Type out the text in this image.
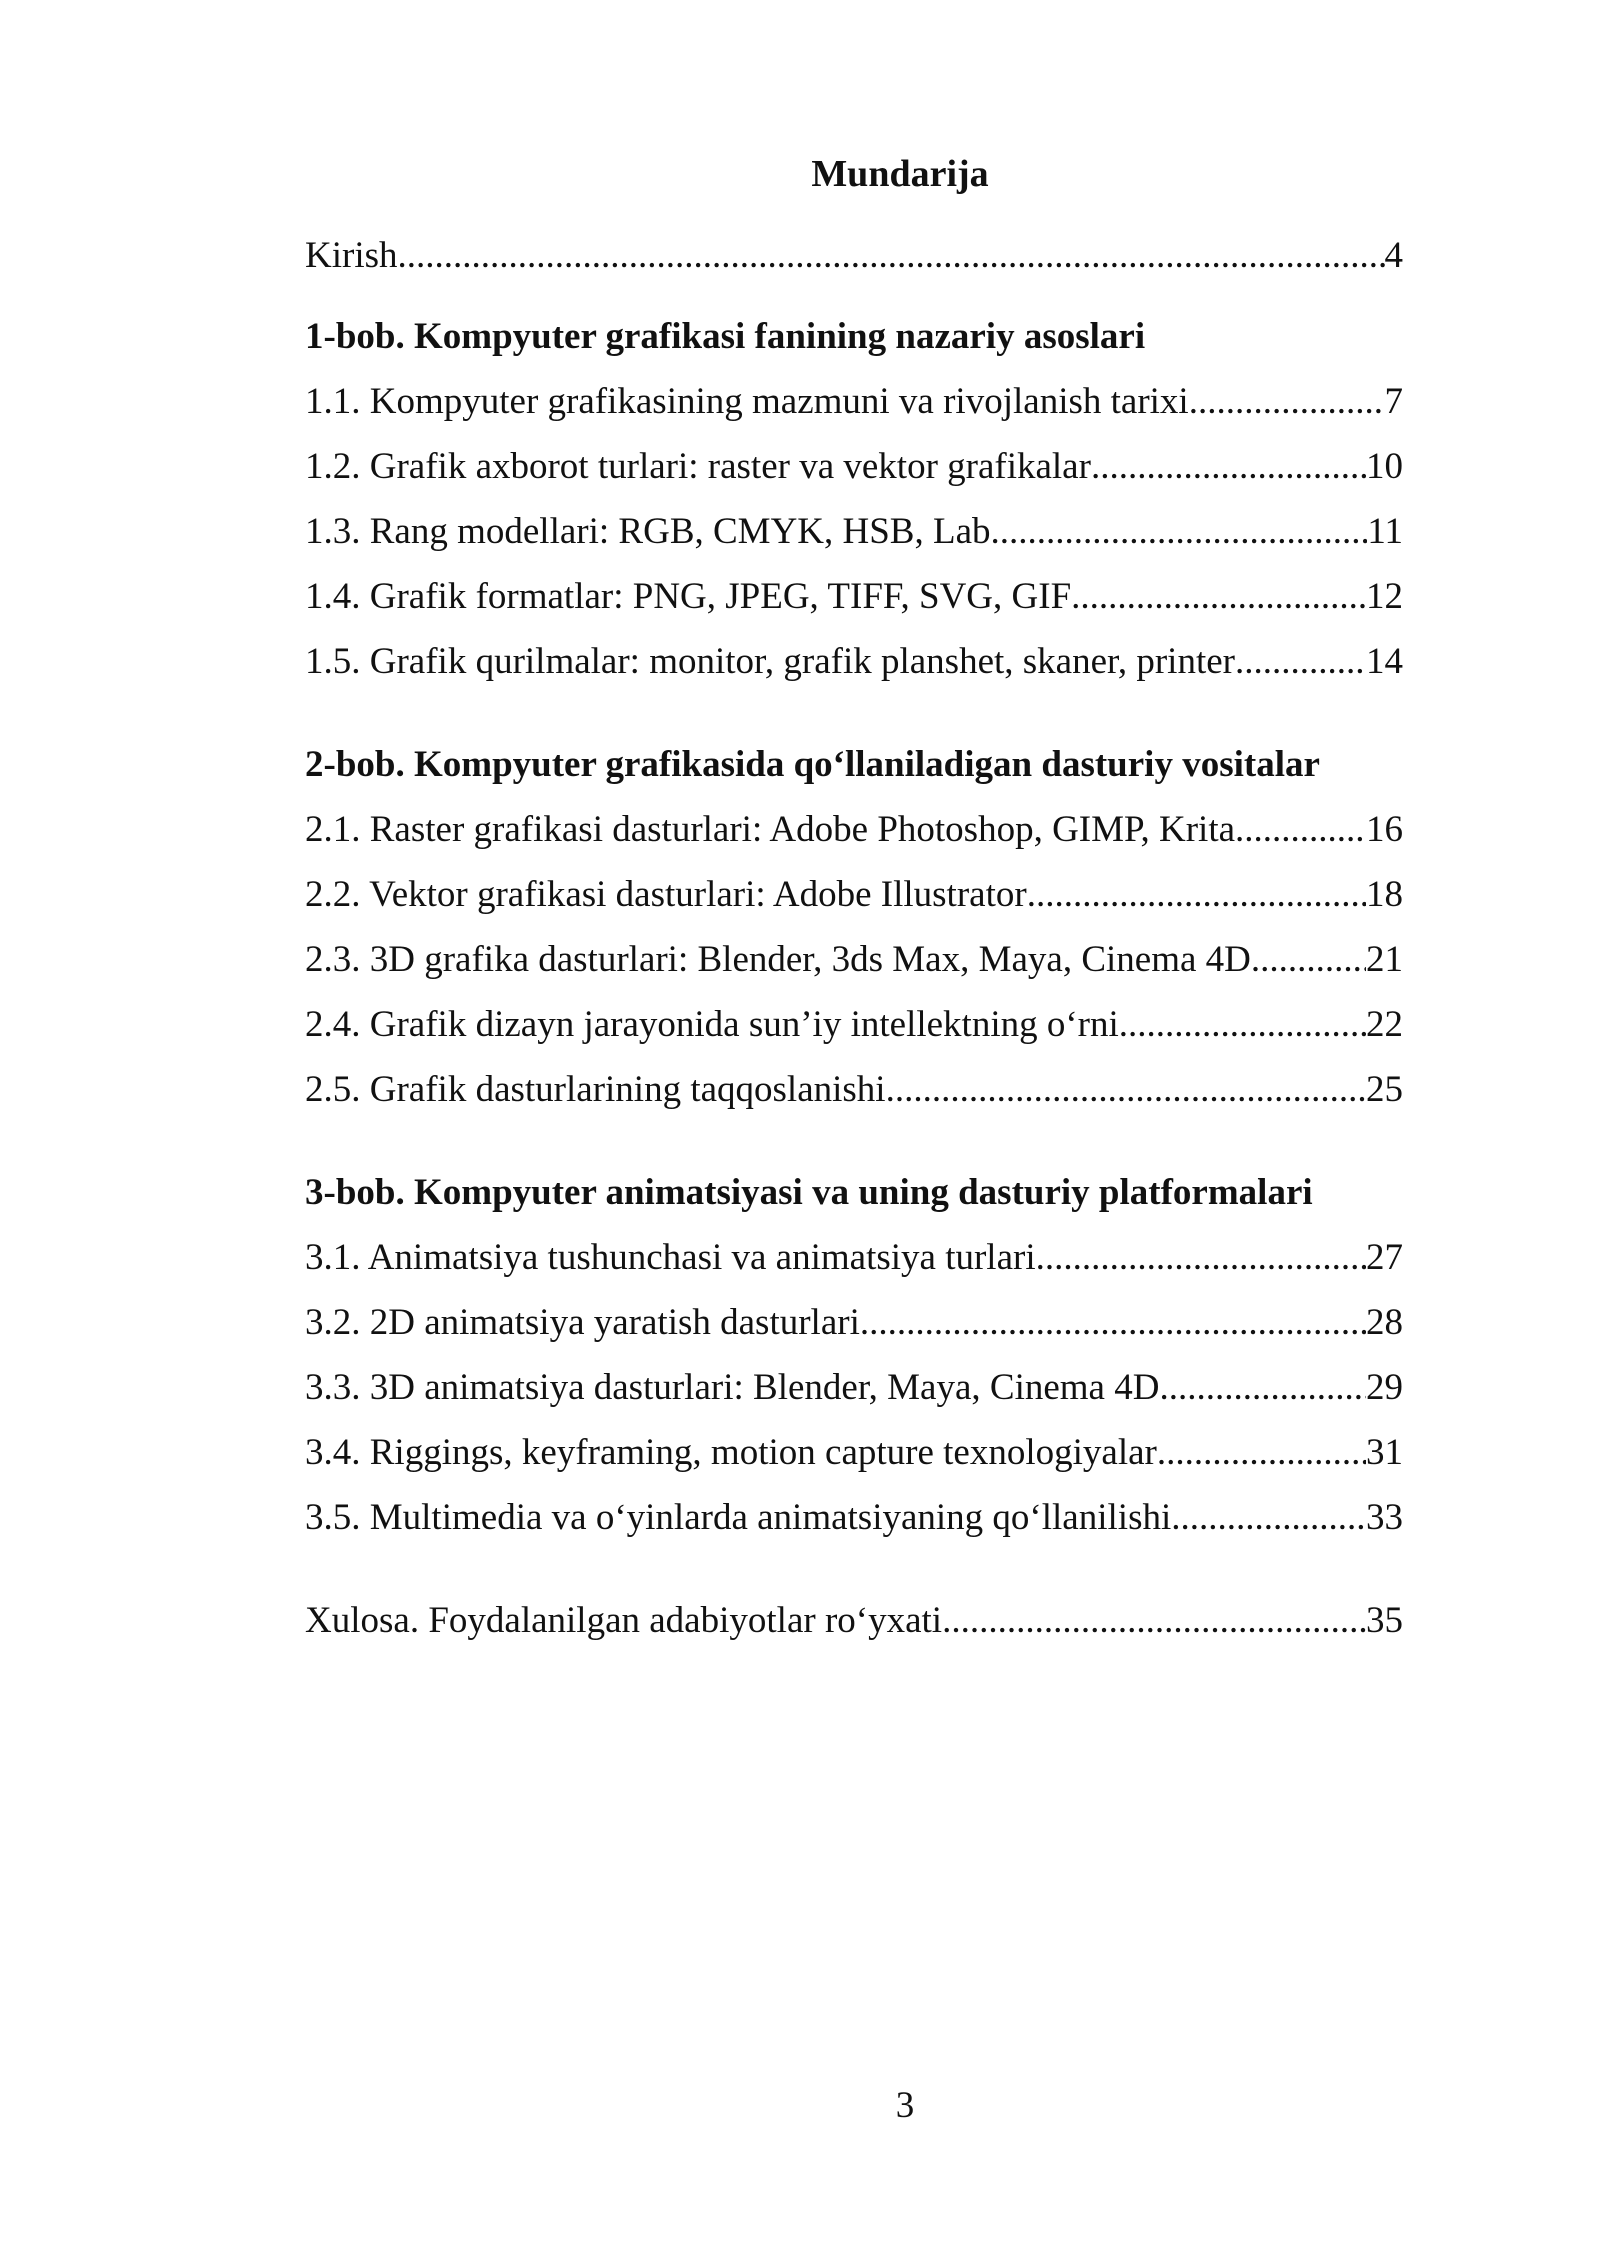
Mundarija
Kirish .....	4
1-bob. Kompyuter grafikasi fanining nazariy asoslari
1.1. Kompyuter grafikasining mazmuni va rivojlanish tarixi .....	7
1.2. Grafik axborot turlari: raster va vektor grafikalar .....	10
1.3. Rang modellari: RGB, CMYK, HSB, Lab .....	11
1.4. Grafik formatlar: PNG, JPEG, TIFF, SVG, GIF .....	12
1.5. Grafik qurilmalar: monitor, grafik planshet, skaner, printer .....	14
2-bob. Kompyuter grafikasida qo‘llaniladigan dasturiy vositalar
2.1. Raster grafikasi dasturlari: Adobe Photoshop, GIMP, Krita .....	16
2.2. Vektor grafikasi dasturlari: Adobe Illustrator .....	18
2.3. 3D grafika dasturlari: Blender, 3ds Max, Maya, Cinema 4D .....	21
2.4. Grafik dizayn jarayonida sun’iy intellektning o‘rni .....	22
2.5. Grafik dasturlarining taqqoslanishi .....	25
3-bob. Kompyuter animatsiyasi va uning dasturiy platformalari
3.1. Animatsiya tushunchasi va animatsiya turlari .....	27
3.2. 2D animatsiya yaratish dasturlari .....	28
3.3. 3D animatsiya dasturlari: Blender, Maya, Cinema 4D .....	29
3.4. Riggings, keyframing, motion capture texnologiyalar .....	31
3.5. Multimedia va o‘yinlarda animatsiyaning qo‘llanilishi .....	33
Xulosa. Foydalanilgan adabiyotlar ro‘yxati .....	35
3
